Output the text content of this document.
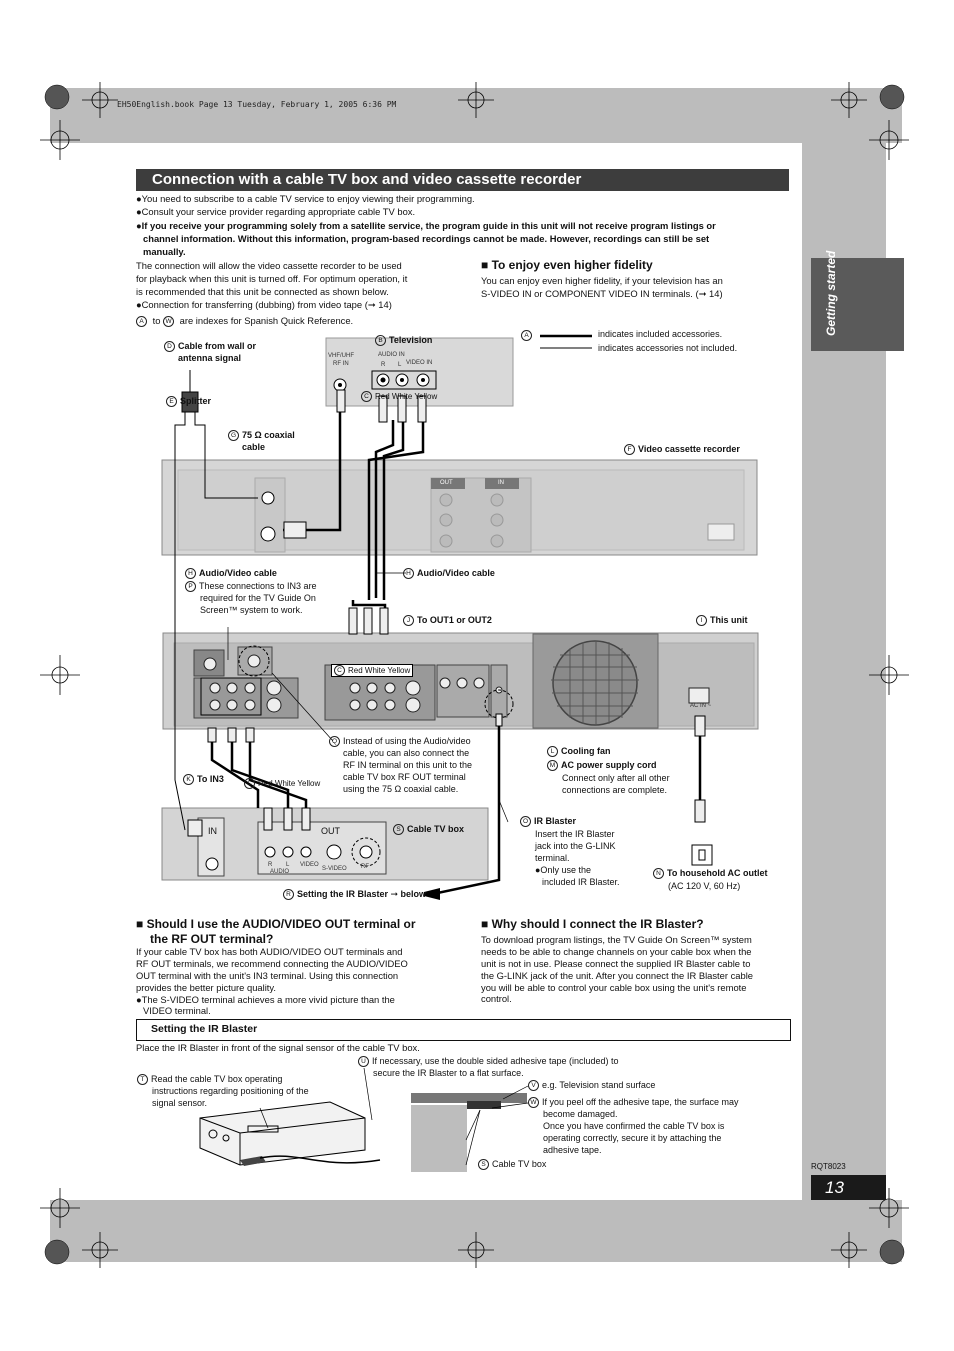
EH50English.book Page 13 Tuesday, February 1, 2005 6:36 PM
Getting started
RQT8023
13
Connection with a cable TV box and video cassette recorder
●You need to subscribe to a cable TV service to enjoy viewing their programming.
●Consult your service provider regarding appropriate cable TV box.
●If you receive your programming solely from a satellite service, the program guide in this unit will not receive program listings or
channel information. Without this information, program-based recordings cannot be made. However, recordings can still be set
manually.
The connection will allow the video cassette recorder to be used
for playback when this unit is turned off. For optimum operation, it
is recommended that this unit be connected as shown below.
●Connection for transferring (dubbing) from video tape (➞ 14)
A to W are indexes for Spanish Quick Reference.
■ To enjoy even higher fidelity
You can enjoy even higher fidelity, if your television has an
S-VIDEO IN or COMPONENT VIDEO IN terminals. (➞ 14)
A	indicates included accessories.
indicates accessories not included.
B Television
VHF/UHF
RF IN
AUDIO IN
R L VIDEO IN
C Red White Yellow
D Cable from wall or
antenna signal
E Splitter
G 75 Ω coaxial
cable	F Video cassette recorder
OUT	IN
H Audio/Video cable
P These connections to IN3 are
required for the TV Guide On
Screen™ system to work.
H Audio/Video cable
J To OUT1 or OUT2	I This unit
C Red White Yellow
AC IN ~
Q Instead of using the Audio/video
cable, you can also connect the
RF IN terminal on this unit to the
cable TV box RF OUT terminal
using the 75 Ω coaxial cable.
L Cooling fan
M AC power supply cord
Connect only after all other
connections are complete.
K To IN3	C Red White Yellow
S Cable TV box
IN	OUT
RF
R L
AUDIO
VIDEO
S-VIDEO
O IR Blaster
Insert the IR Blaster
jack into the G-LINK
terminal.
●Only use the
included IR Blaster.
N To household AC outlet
(AC 120 V, 60 Hz)
R Setting the IR Blaster ➞ below
■ Should I use the AUDIO/VIDEO OUT terminal or
the RF OUT terminal?
If your cable TV box has both AUDIO/VIDEO OUT terminals and
RF OUT terminals, we recommend connecting the AUDIO/VIDEO
OUT terminal with the unit's IN3 terminal. Using this connection
provides the better picture quality.
●The S-VIDEO terminal achieves a more vivid picture than the
VIDEO terminal.
■ Why should I connect the IR Blaster?
To download program listings, the TV Guide On Screen™ system
needs to be able to change channels on your cable box when the
unit is not in use. Please connect the supplied IR Blaster cable to
the G-LINK jack of the unit. After you connect the IR Blaster cable
you will be able to control your cable box using the unit's remote
control.
Setting the IR Blaster
Place the IR Blaster in front of the signal sensor of the cable TV box.
U If necessary, use the double sided adhesive tape (included) to
secure the IR Blaster to a flat surface.
T Read the cable TV box operating
instructions regarding positioning of the
signal sensor.
V e.g. Television stand surface
W If you peel off the adhesive tape, the surface may
become damaged.
Once you have confirmed the cable TV box is
operating correctly, secure it by attaching the
adhesive tape.
S Cable TV box
